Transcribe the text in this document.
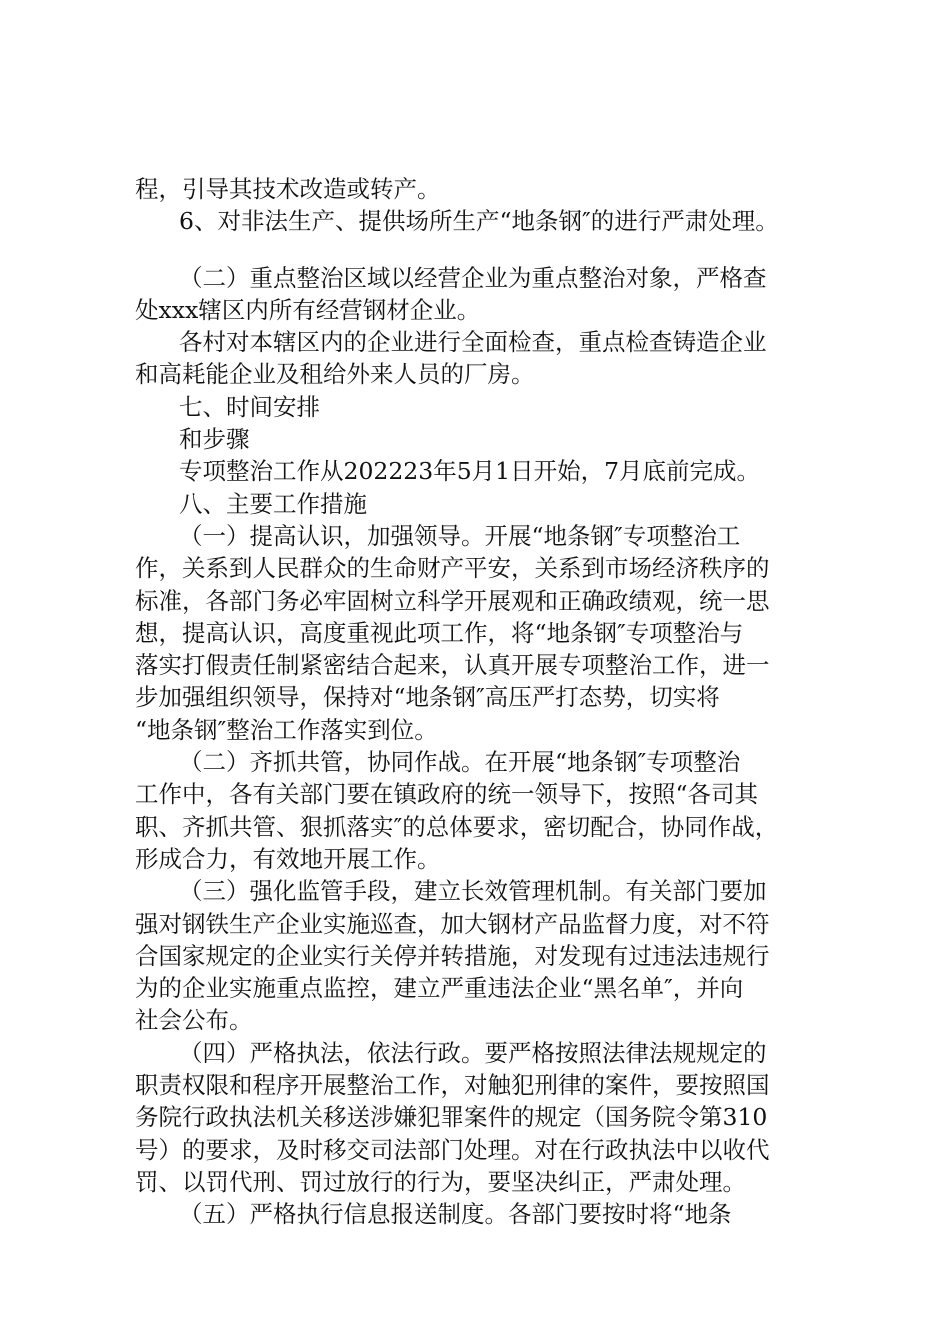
程，引导其技术改造或转产。
6、对非法生产、提供场所生产“地条钢″的进行严肃处理。
（二）重点整治区域以经营企业为重点整治对象，严格查
处xxx辖区内所有经营钢材企业。
各村对本辖区内的企业进行全面检查，重点检查铸造企业
和高耗能企业及租给外来人员的厂房。
七、时间安排
和步骤
专项整治工作从202223年5月1日开始，7月底前完成。
八、主要工作措施
（一）提高认识，加强领导。开展“地条钢″专项整治工
作，关系到人民群众的生命财产平安，关系到市场经济秩序的
标准，各部门务必牢固树立科学开展观和正确政绩观，统一思
想，提高认识，高度重视此项工作，将“地条钢″专项整治与
落实打假责任制紧密结合起来，认真开展专项整治工作，进一
步加强组织领导，保持对“地条钢″高压严打态势，切实将
“地条钢″整治工作落实到位。
（二）齐抓共管，协同作战。在开展“地条钢″专项整治
工作中，各有关部门要在镇政府的统一领导下，按照“各司其
职、齐抓共管、狠抓落实″的总体要求，密切配合，协同作战，
形成合力，有效地开展工作。
（三）强化监管手段，建立长效管理机制。有关部门要加
强对钢铁生产企业实施巡查，加大钢材产品监督力度，对不符
合国家规定的企业实行关停并转措施，对发现有过违法违规行
为的企业实施重点监控，建立严重违法企业“黑名单″，并向
社会公布。
（四）严格执法，依法行政。要严格按照法律法规规定的
职责权限和程序开展整治工作，对触犯刑律的案件，要按照国
务院行政执法机关移送涉嫌犯罪案件的规定（国务院令第310
号）的要求，及时移交司法部门处理。对在行政执法中以收代
罚、以罚代刑、罚过放行的行为，要坚决纠正，严肃处理。
（五）严格执行信息报送制度。各部门要按时将“地条
